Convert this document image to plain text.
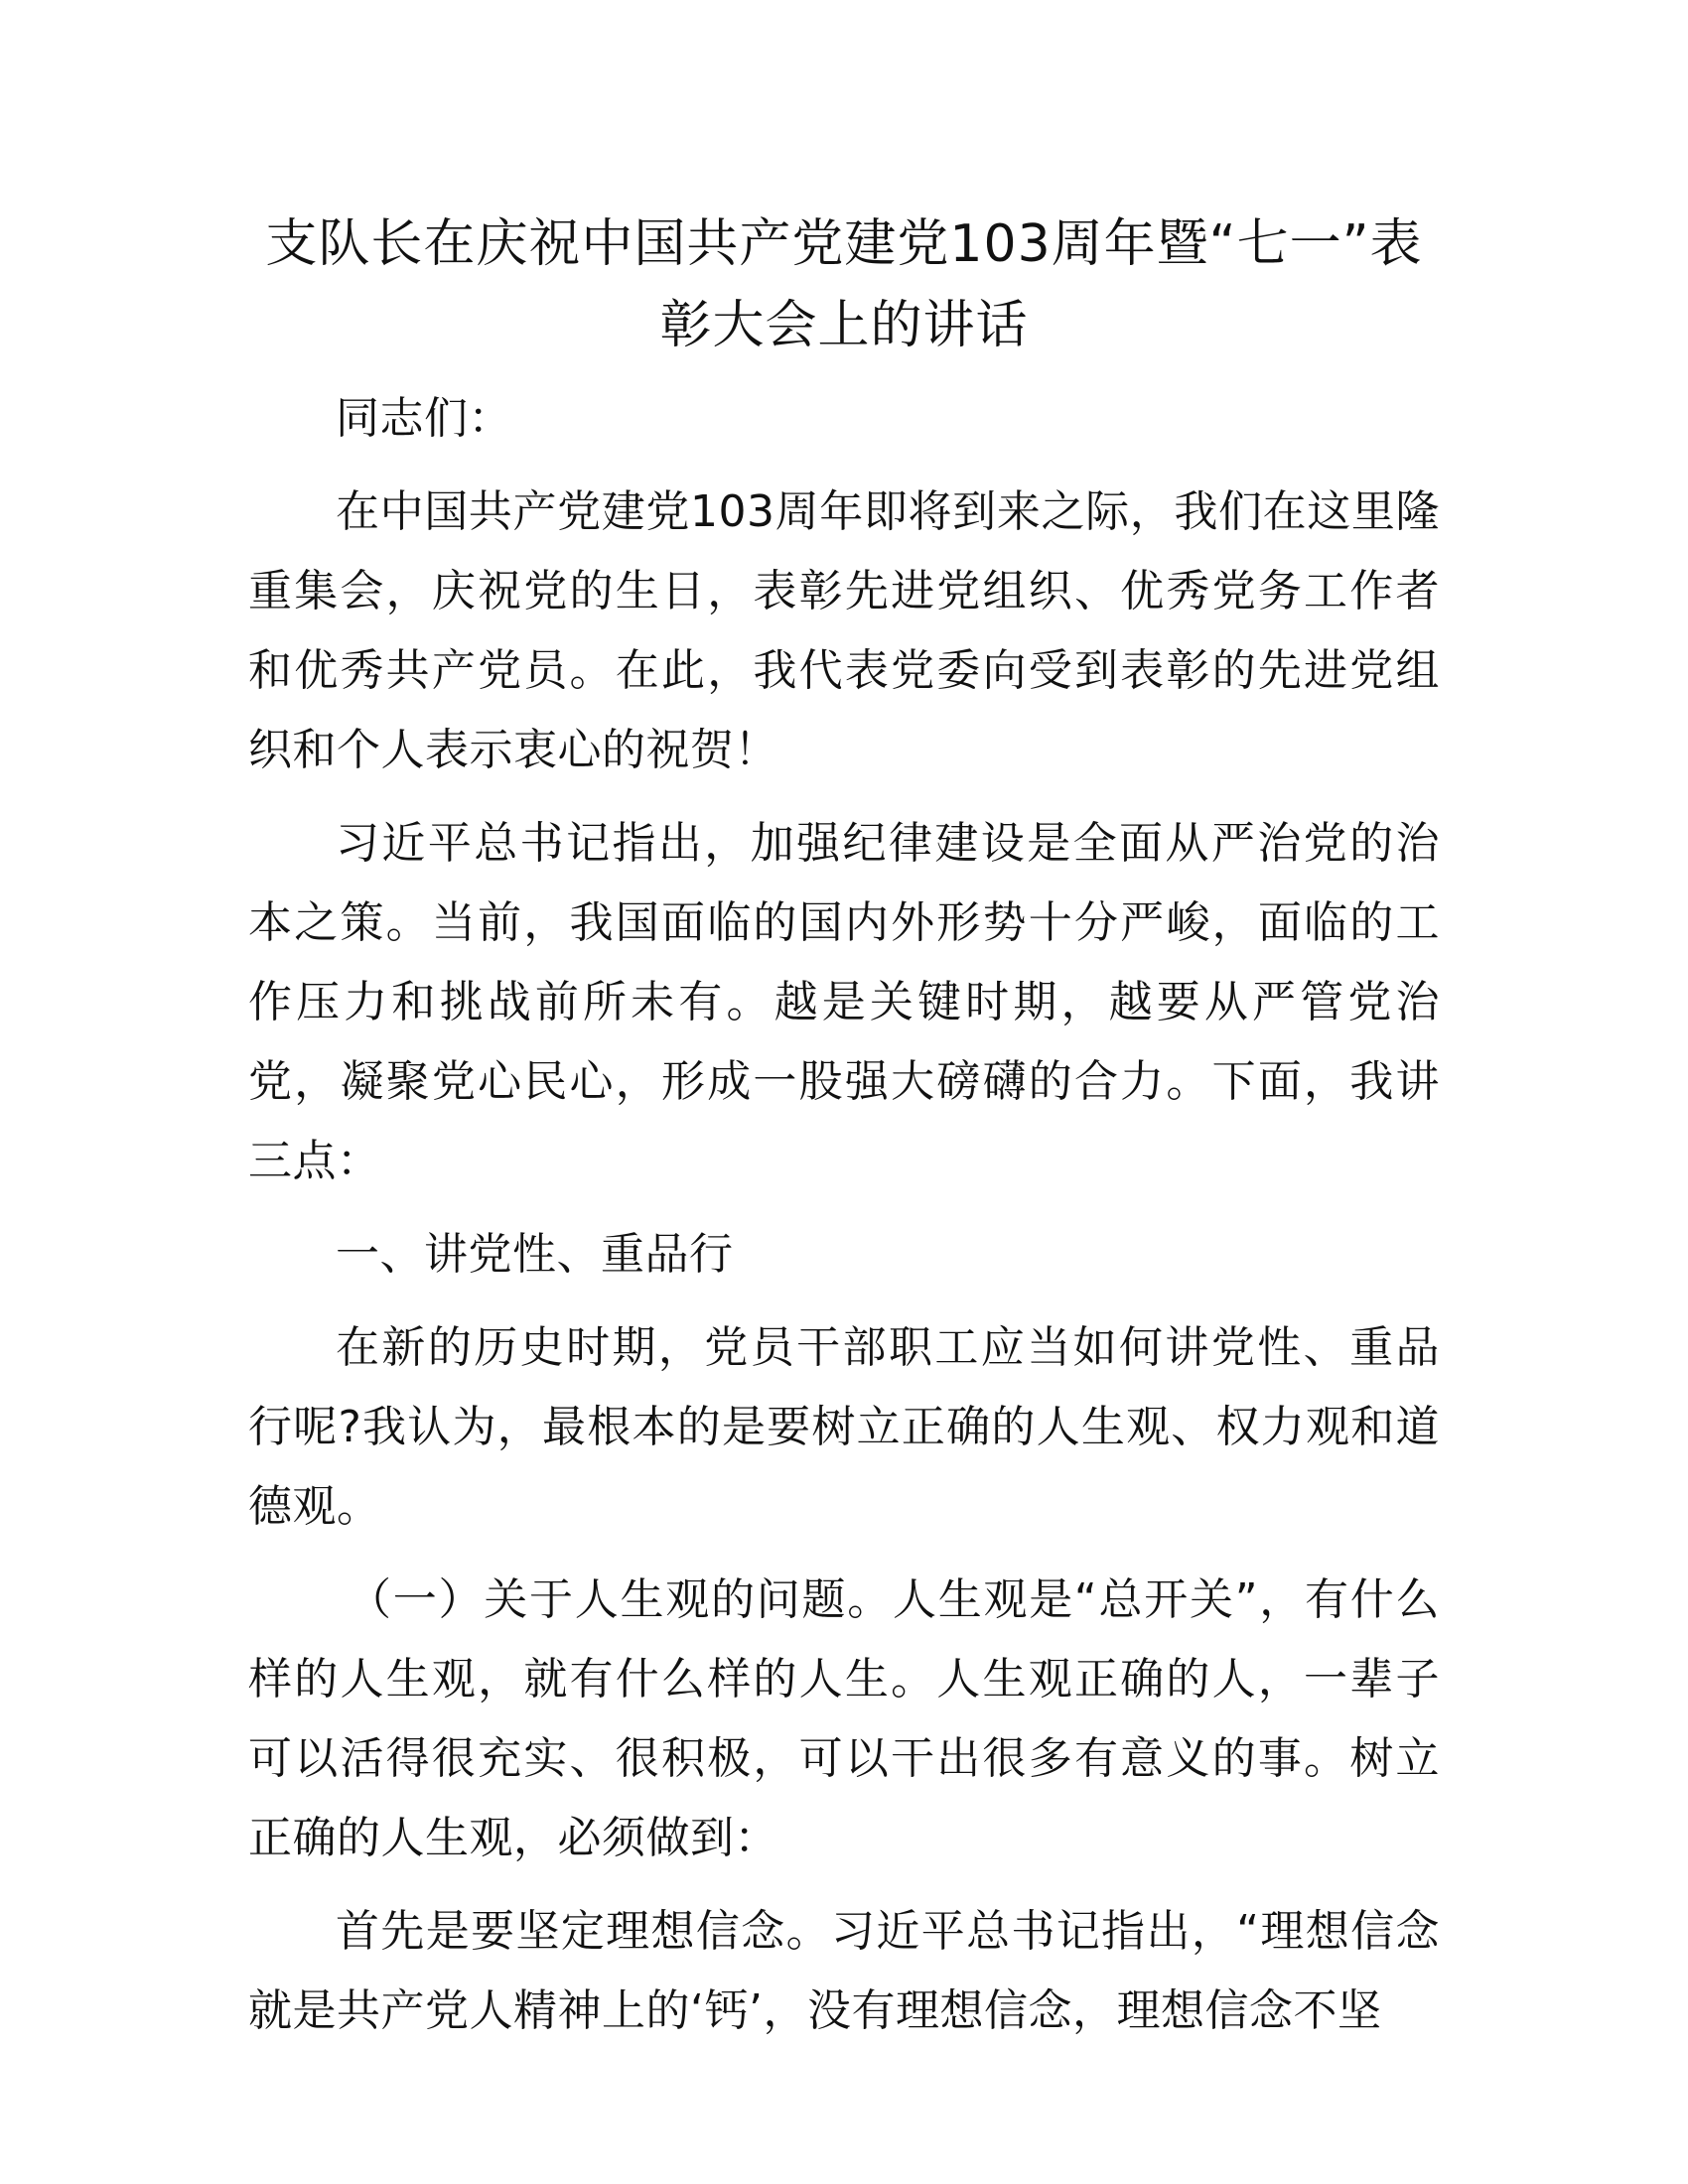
支队长在庆祝中国共产党建党103周年暨“七一”表彰大会上的讲话

同志们：

在中国共产党建党103周年即将到来之际，我们在这里隆重集会，庆祝党的生日，表彰先进党组织、优秀党务工作者和优秀共产党员。在此，我代表党委向受到表彰的先进党组织和个人表示衷心的祝贺！

习近平总书记指出，加强纪律建设是全面从严治党的治本之策。当前，我国面临的国内外形势十分严峻，面临的工作压力和挑战前所未有。越是关键时期，越要从严管党治党，凝聚党心民心，形成一股强大磅礴的合力。下面，我讲三点：

一、讲党性、重品行

在新的历史时期，党员干部职工应当如何讲党性、重品行呢?我认为，最根本的是要树立正确的人生观、权力观和道德观。

（一）关于人生观的问题。人生观是“总开关”，有什么样的人生观，就有什么样的人生。人生观正确的人，一辈子可以活得很充实、很积极，可以干出很多有意义的事。树立正确的人生观，必须做到：

首先是要坚定理想信念。习近平总书记指出，“理想信念就是共产党人精神上的‘钙’，没有理想信念，理想信念不坚
